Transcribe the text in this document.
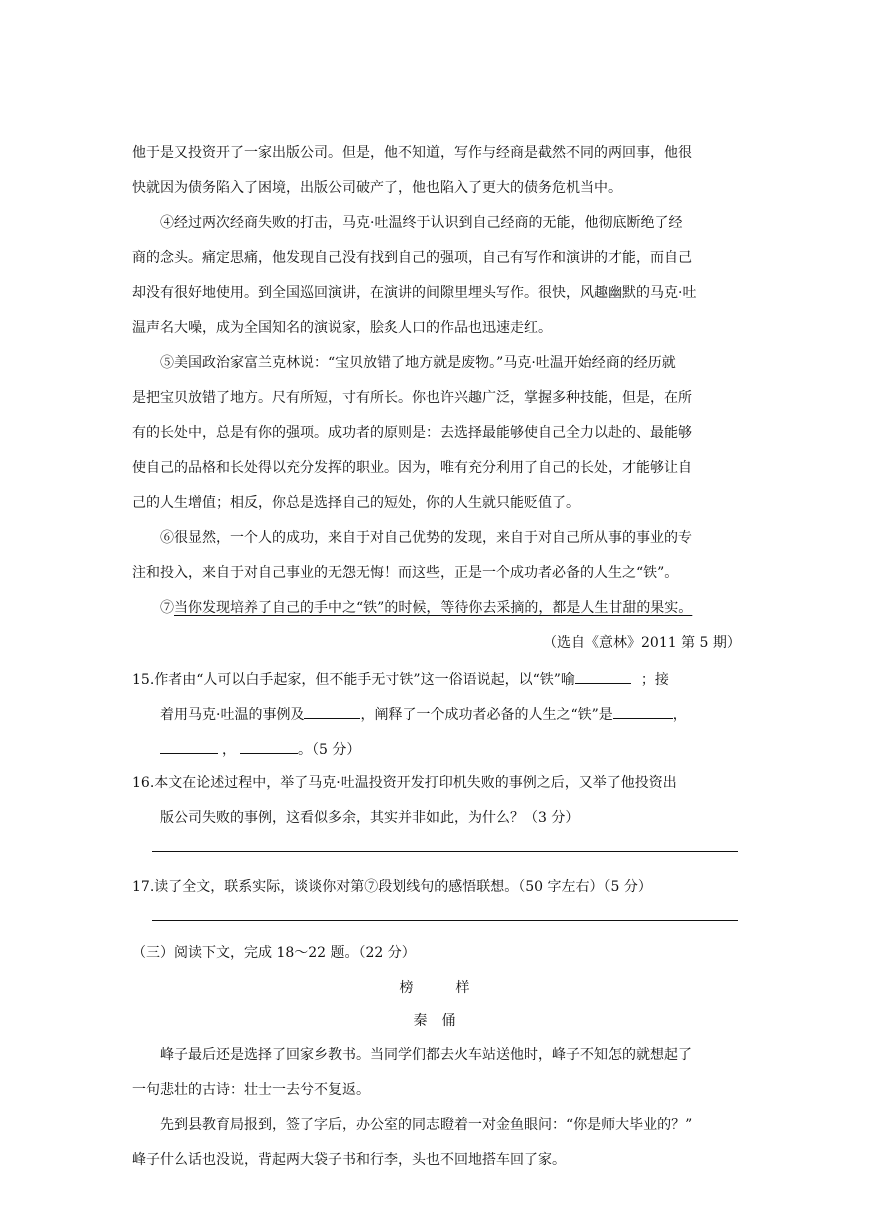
他于是又投资开了一家出版公司。但是，他不知道，写作与经商是截然不同的两回事，他很
快就因为债务陷入了困境，出版公司破产了，他也陷入了更大的债务危机当中。
④经过两次经商失败的打击，马克·吐温终于认识到自己经商的无能，他彻底断绝了经
商的念头。痛定思痛，他发现自己没有找到自己的强项，自己有写作和演讲的才能，而自己
却没有很好地使用。到全国巡回演讲，在演讲的间隙里埋头写作。很快，风趣幽默的马克·吐
温声名大噪，成为全国知名的演说家，脍炙人口的作品也迅速走红。
⑤美国政治家富兰克林说：“宝贝放错了地方就是废物。”马克·吐温开始经商的经历就
是把宝贝放错了地方。尺有所短，寸有所长。你也许兴趣广泛，掌握多种技能，但是，在所
有的长处中，总是有你的强项。成功者的原则是：去选择最能够使自己全力以赴的、最能够
使自己的品格和长处得以充分发挥的职业。因为，唯有充分利用了自己的长处，才能够让自
己的人生增值；相反，你总是选择自己的短处，你的人生就只能贬值了。
⑥很显然，一个人的成功，来自于对自己优势的发现，来自于对自己所从事的事业的专
注和投入，来自于对自己事业的无怨无悔！而这些，正是一个成功者必备的人生之“铁”。
⑦当你发现培养了自己的手中之“铁”的时候，等待你去采摘的，都是人生甘甜的果实。
（选自《意林》2011 第 5 期）
15.作者由“人可以白手起家，但不能手无寸铁”这一俗语说起，以“铁”喻	；接
着用马克·吐温的事例及	，阐释了一个成功者必备的人生之“铁”是	，
，	。（5 分）
16.本文在论述过程中，举了马克·吐温投资开发打印机失败的事例之后，又举了他投资出
版公司失败的事例，这看似多余，其实并非如此，为什么？（3 分）
17.读了全文，联系实际，谈谈你对第⑦段划线句的感悟联想。（50 字左右）（5 分）
（三）阅读下文，完成 18～22 题。（22 分）
榜　　　样
秦　俑
峰子最后还是选择了回家乡教书。当同学们都去火车站送他时，峰子不知怎的就想起了
一句悲壮的古诗：壮士一去兮不复返。
先到县教育局报到，签了字后，办公室的同志瞪着一对金鱼眼问：“你是师大毕业的？”
峰子什么话也没说，背起两大袋子书和行李，头也不回地搭车回了家。
